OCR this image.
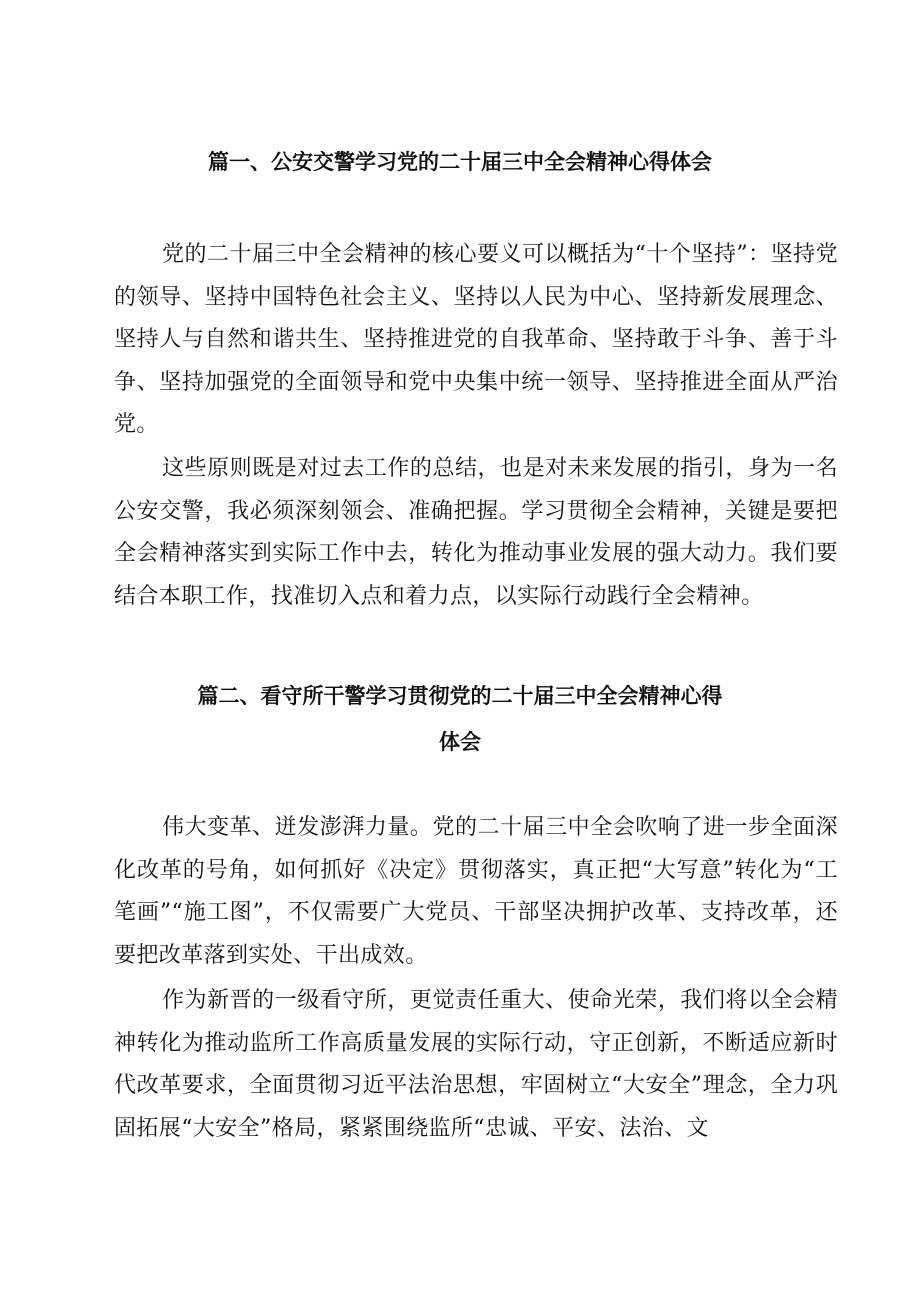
篇一、公安交警学习党的二十届三中全会精神心得体会

党的二十届三中全会精神的核心要义可以概括为“十个坚持”：坚持党的领导、坚持中国特色社会主义、坚持以人民为中心、坚持新发展理念、坚持人与自然和谐共生、坚持推进党的自我革命、坚持敢于斗争、善于斗争、坚持加强党的全面领导和党中央集中统一领导、坚持推进全面从严治党。

这些原则既是对过去工作的总结，也是对未来发展的指引，身为一名公安交警，我必须深刻领会、准确把握。学习贯彻全会精神，关键是要把全会精神落实到实际工作中去，转化为推动事业发展的强大动力。我们要结合本职工作，找准切入点和着力点，以实际行动践行全会精神。

篇二、看守所干警学习贯彻党的二十届三中全会精神心得
体会

伟大变革、迸发澎湃力量。党的二十届三中全会吹响了进一步全面深化改革的号角，如何抓好《决定》贯彻落实，真正把“大写意”转化为“工笔画”“施工图”，不仅需要广大党员、干部坚决拥护改革、支持改革，还要把改革落到实处、干出成效。

作为新晋的一级看守所，更觉责任重大、使命光荣，我们将以全会精神转化为推动监所工作高质量发展的实际行动，守正创新，不断适应新时代改革要求，全面贯彻习近平法治思想，牢固树立“大安全”理念，全力巩固拓展“大安全”格局，紧紧围绕监所“忠诚、平安、法治、文
